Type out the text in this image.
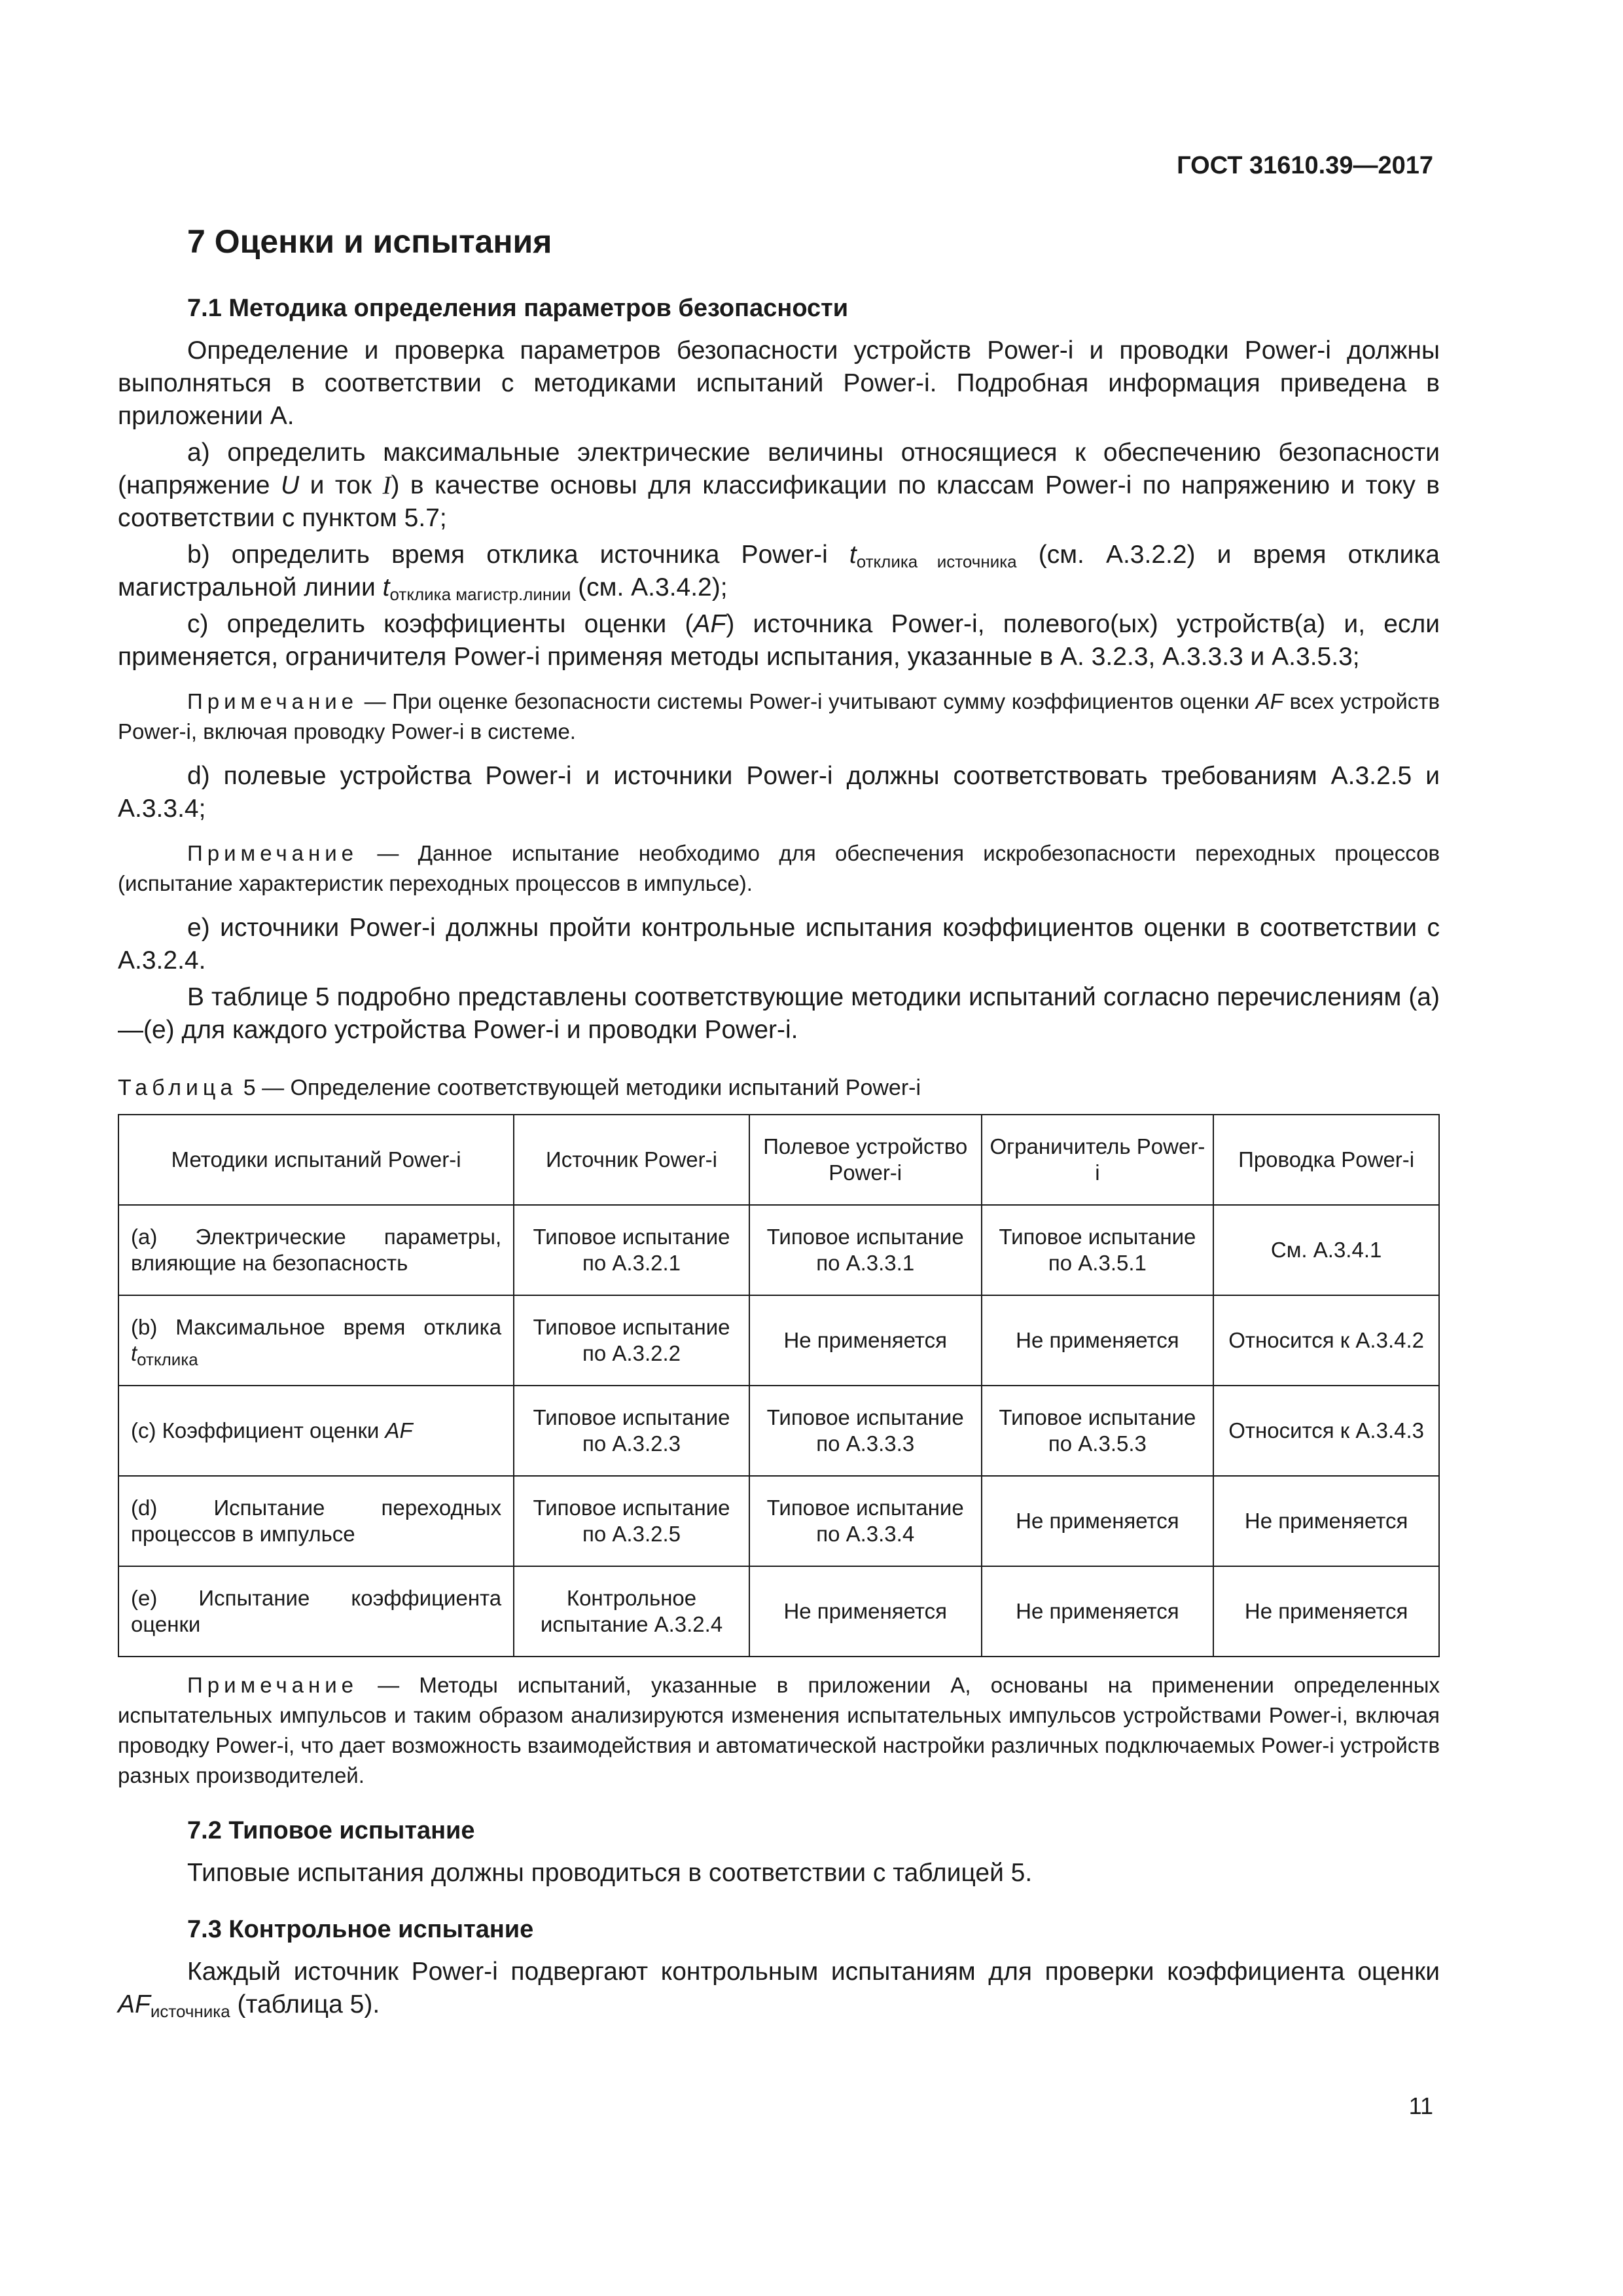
ГОСТ 31610.39—2017
7 Оценки и испытания
7.1 Методика определения параметров безопасности

Определение и проверка параметров безопасности устройств Power-i и проводки Power-i должны выполняться в соответствии с методиками испытаний Power-i. Подробная информация приведена в приложении А.

а) определить максимальные электрические величины относящиеся к обеспечению безопасности (напряжение U и ток I) в качестве основы для классификации по классам Power-i по напряжению и току в соответствии с пунктом 5.7;

b) определить время отклика источника Power-i $t_{отклика источника}$ (см. А.3.2.2) и время отклика магистральной линии $t_{отклика магистр.линии}$ (см. А.3.4.2);

c) определить коэффициенты оценки (AF) источника Power-i, полевого(ых) устройств(а) и, если применяется, ограничителя Power-i применяя методы испытания, указанные в А. 3.2.3, А.3.3.3 и А.3.5.3;

Примечание — При оценке безопасности системы Power-i учитывают сумму коэффициентов оценки AF всех устройств Power-i, включая проводку Power-i в системе.

d) полевые устройства Power-i и источники Power-i должны соответствовать требованиям А.3.2.5 и А.3.3.4;

Примечание — Данное испытание необходимо для обеспечения искробезопасности переходных процессов (испытание характеристик переходных процессов в импульсе).

е) источники Power-i должны пройти контрольные испытания коэффициентов оценки в соответствии с А.3.2.4.

В таблице 5 подробно представлены соответствующие методики испытаний согласно перечислениям (а)—(е) для каждого устройства Power-i и проводки Power-i.

Таблица 5 — Определение соответствующей методики испытаний Power-i
Методики испытаний Power-i	Источник Power-i	Полевое устройство Power-i	Ограничитель Power-i	Проводка Power-i
(а) Электрические параметры, влияющие на безопасность	Типовое испытание по А.3.2.1	Типовое испытание по А.3.3.1	Типовое испытание по А.3.5.1	См. А.3.4.1
(b) Максимальное время отклика $t_{отклика}$	Типовое испытание по А.3.2.2	Не применяется	Не применяется	Относится к А.3.4.2
(с) Коэффициент оценки AF	Типовое испытание по А.3.2.3	Типовое испытание по А.3.3.3	Типовое испытание по А.3.5.3	Относится к А.3.4.3
(d) Испытание переходных процессов в импульсе	Типовое испытание по А.3.2.5	Типовое испытание по А.3.3.4	Не применяется	Не применяется
(е) Испытание коэффициента оценки	Контрольное испытание А.3.2.4	Не применяется	Не применяется	Не применяется

Примечание — Методы испытаний, указанные в приложении А, основаны на применении определенных испытательных импульсов и таким образом анализируются изменения испытательных импульсов устройствами Power-i, включая проводку Power-i, что дает возможность взаимодействия и автоматической настройки различных подключаемых Power-i устройств разных производителей.

7.2 Типовое испытание

Типовые испытания должны проводиться в соответствии с таблицей 5.

7.3 Контрольное испытание

Каждый источник Power-i подвергают контрольным испытаниям для проверки коэффициента оценки $AF_{источника}$ (таблица 5).

11
